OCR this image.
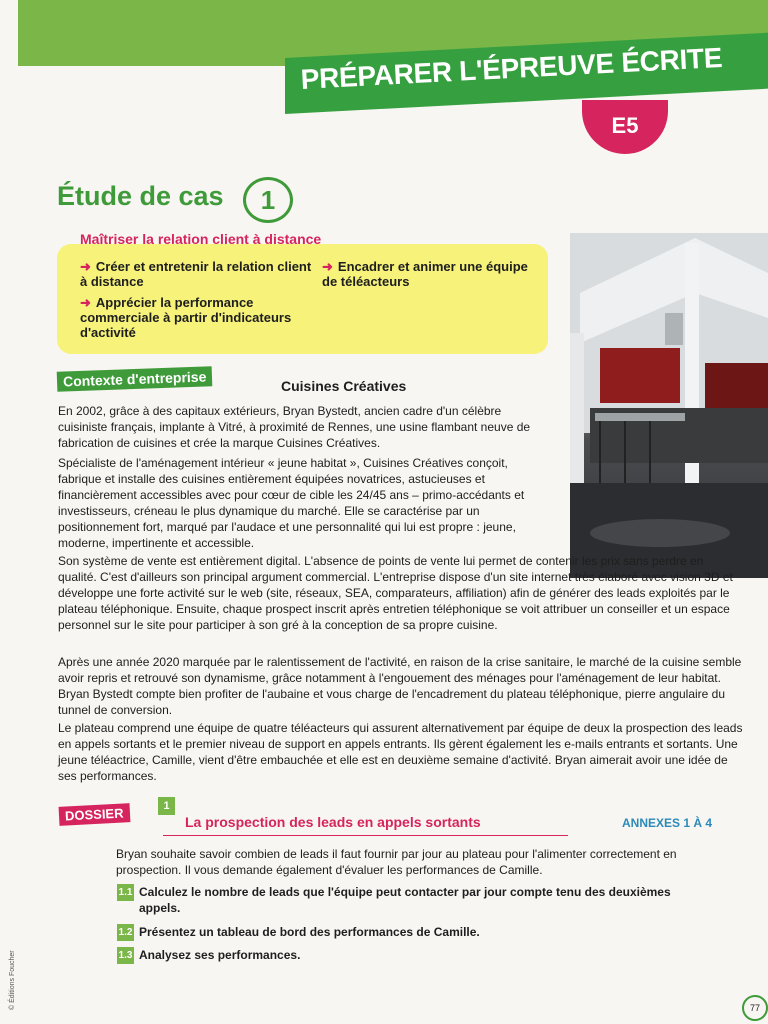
PRÉPARER L'ÉPREUVE ÉCRITE
E5
Étude de cas	1
Maîtriser la relation client à distance
➜ Créer et entretenir la relation client à distance
➜ Apprécier la performance commerciale à partir d'indicateurs d'activité
➜ Encadrer et animer une équipe de téléacteurs
Contexte d'entreprise	Cuisines Créatives
En 2002, grâce à des capitaux extérieurs, Bryan Bystedt, ancien cadre d'un célèbre cuisiniste français, implante à Vitré, à proximité de Rennes, une usine flambant neuve de fabrication de cuisines et crée la marque Cuisines Créatives.
Spécialiste de l'aménagement intérieur « jeune habitat », Cuisines Créatives conçoit, fabrique et installe des cuisines entièrement équipées novatrices, astucieuses et financièrement accessibles avec pour cœur de cible les 24/45 ans – primo-accédants et investisseurs, créneau le plus dynamique du marché. Elle se caractérise par un positionnement fort, marqué par l'audace et une personnalité qui lui est propre : jeune, moderne, impertinente et accessible.
Son système de vente est entièrement digital. L'absence de points de vente lui permet de contenir les prix sans perdre en qualité. C'est d'ailleurs son principal argument commercial. L'entreprise dispose d'un site internet très élaboré avec vision 3D et développe une forte activité sur le web (site, réseaux, SEA, comparateurs, affiliation) afin de générer des leads exploités par le plateau téléphonique. Ensuite, chaque prospect inscrit après entretien téléphonique se voit attribuer un conseiller et un espace personnel sur le site pour participer à son gré à la conception de sa propre cuisine.
Après une année 2020 marquée par le ralentissement de l'activité, en raison de la crise sanitaire, le marché de la cuisine semble avoir repris et retrouvé son dynamisme, grâce notamment à l'engouement des ménages pour l'aménagement de leur habitat. Bryan Bystedt compte bien profiter de l'aubaine et vous charge de l'encadrement du plateau téléphonique, pierre angulaire du tunnel de conversion.
Le plateau comprend une équipe de quatre téléacteurs qui assurent alternativement par équipe de deux la prospection des leads en appels sortants et le premier niveau de support en appels entrants. Ils gèrent également les e-mails entrants et sortants. Une jeune téléactrice, Camille, vient d'être embauchée et elle est en deuxième semaine d'activité. Bryan aimerait avoir une idée de ses performances.
DOSSIER	1
La prospection des leads en appels sortants	ANNEXES 1 À 4
Bryan souhaite savoir combien de leads il faut fournir par jour au plateau pour l'alimenter correctement en prospection. Il vous demande également d'évaluer les performances de Camille.
1.1 Calculez le nombre de leads que l'équipe peut contacter par jour compte tenu des deuxièmes appels.
1.2 Présentez un tableau de bord des performances de Camille.
1.3 Analysez ses performances.
© Éditions Foucher	77
